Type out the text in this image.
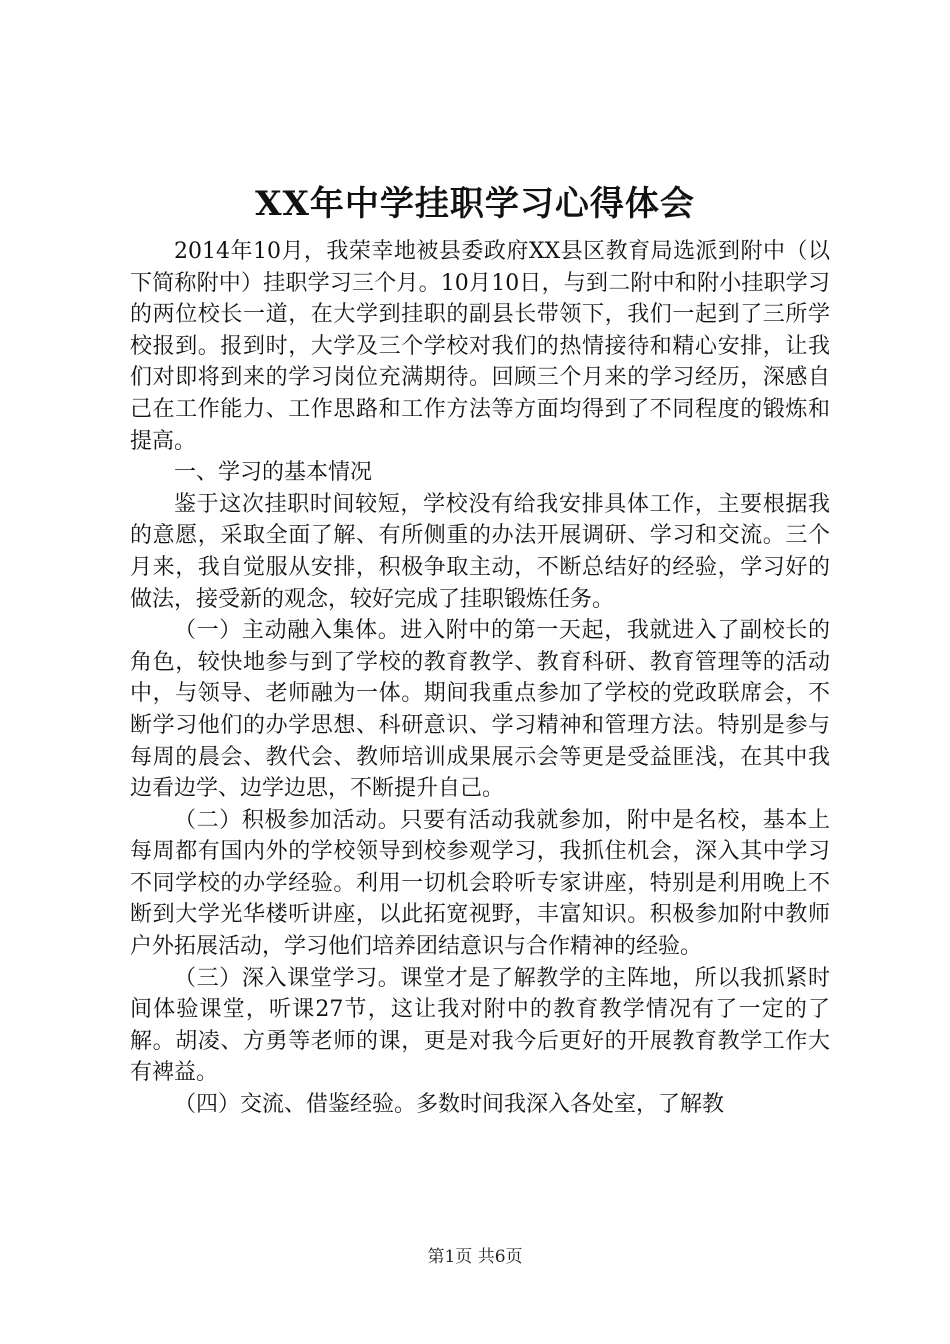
XX年中学挂职学习心得体会

2014年10月，我荣幸地被县委政府XX县区教育局选派到附中（以下简称附中）挂职学习三个月。10月10日，与到二附中和附小挂职学习的两位校长一道，在大学到挂职的副县长带领下，我们一起到了三所学校报到。报到时，大学及三个学校对我们的热情接待和精心安排，让我们对即将到来的学习岗位充满期待。回顾三个月来的学习经历，深感自己在工作能力、工作思路和工作方法等方面均得到了不同程度的锻炼和提高。

一、学习的基本情况

鉴于这次挂职时间较短，学校没有给我安排具体工作，主要根据我的意愿，采取全面了解、有所侧重的办法开展调研、学习和交流。三个月来，我自觉服从安排，积极争取主动，不断总结好的经验，学习好的做法，接受新的观念，较好完成了挂职锻炼任务。

（一）主动融入集体。进入附中的第一天起，我就进入了副校长的角色，较快地参与到了学校的教育教学、教育科研、教育管理等的活动中，与领导、老师融为一体。期间我重点参加了学校的党政联席会，不断学习他们的办学思想、科研意识、学习精神和管理方法。特别是参与每周的晨会、教代会、教师培训成果展示会等更是受益匪浅，在其中我边看边学、边学边思，不断提升自己。

（二）积极参加活动。只要有活动我就参加，附中是名校，基本上每周都有国内外的学校领导到校参观学习，我抓住机会，深入其中学习不同学校的办学经验。利用一切机会聆听专家讲座，特别是利用晚上不断到大学光华楼听讲座，以此拓宽视野，丰富知识。积极参加附中教师户外拓展活动，学习他们培养团结意识与合作精神的经验。

（三）深入课堂学习。课堂才是了解教学的主阵地，所以我抓紧时间体验课堂，听课27节，这让我对附中的教育教学情况有了一定的了解。胡凌、方勇等老师的课，更是对我今后更好的开展教育教学工作大有裨益。

（四）交流、借鉴经验。多数时间我深入各处室，了解教

第1页 共6页
